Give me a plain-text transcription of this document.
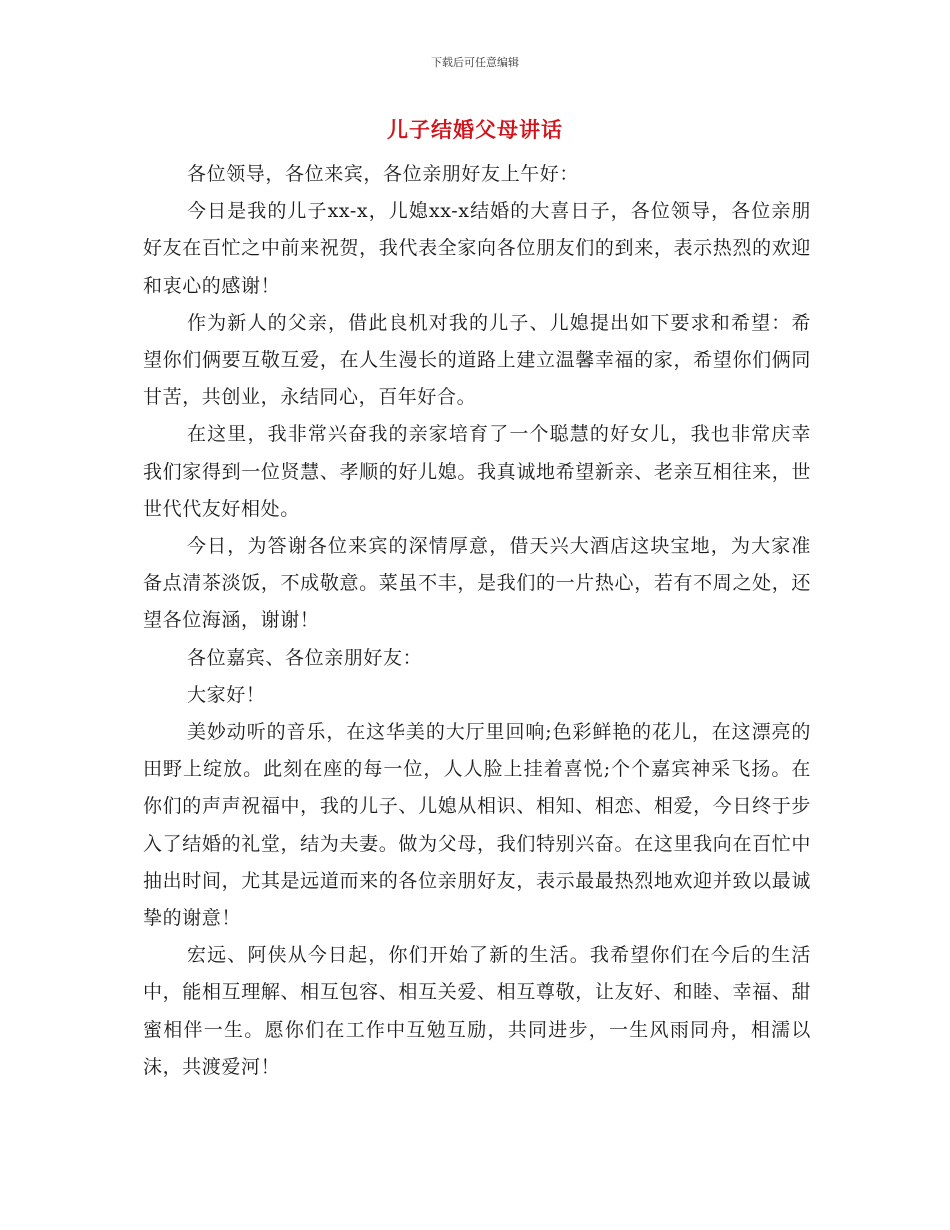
下载后可任意编辑
儿子结婚父母讲话

各位领导，各位来宾，各位亲朋好友上午好：

今日是我的儿子xx-x，儿媳xx-x结婚的大喜日子，各位领导，各位亲朋好友在百忙之中前来祝贺，我代表全家向各位朋友们的到来，表示热烈的欢迎和衷心的感谢！

作为新人的父亲，借此良机对我的儿子、儿媳提出如下要求和希望：希望你们俩要互敬互爱，在人生漫长的道路上建立温馨幸福的家，希望你们俩同甘苦，共创业，永结同心，百年好合。

在这里，我非常兴奋我的亲家培育了一个聪慧的好女儿，我也非常庆幸我们家得到一位贤慧、孝顺的好儿媳。我真诚地希望新亲、老亲互相往来，世世代代友好相处。

今日，为答谢各位来宾的深情厚意，借天兴大酒店这块宝地，为大家准备点清茶淡饭，不成敬意。菜虽不丰，是我们的一片热心，若有不周之处，还望各位海涵，谢谢！

各位嘉宾、各位亲朋好友：

大家好！

美妙动听的音乐，在这华美的大厅里回响;色彩鲜艳的花儿，在这漂亮的田野上绽放。此刻在座的每一位，人人脸上挂着喜悦;个个嘉宾神采飞扬。在你们的声声祝福中，我的儿子、儿媳从相识、相知、相恋、相爱，今日终于步入了结婚的礼堂，结为夫妻。做为父母，我们特别兴奋。在这里我向在百忙中抽出时间，尤其是远道而来的各位亲朋好友，表示最最热烈地欢迎并致以最诚挚的谢意！

宏远、阿侠从今日起，你们开始了新的生活。我希望你们在今后的生活中，能相互理解、相互包容、相互关爱、相互尊敬，让友好、和睦、幸福、甜蜜相伴一生。愿你们在工作中互勉互励，共同进步，一生风雨同舟，相濡以沫，共渡爱河！
